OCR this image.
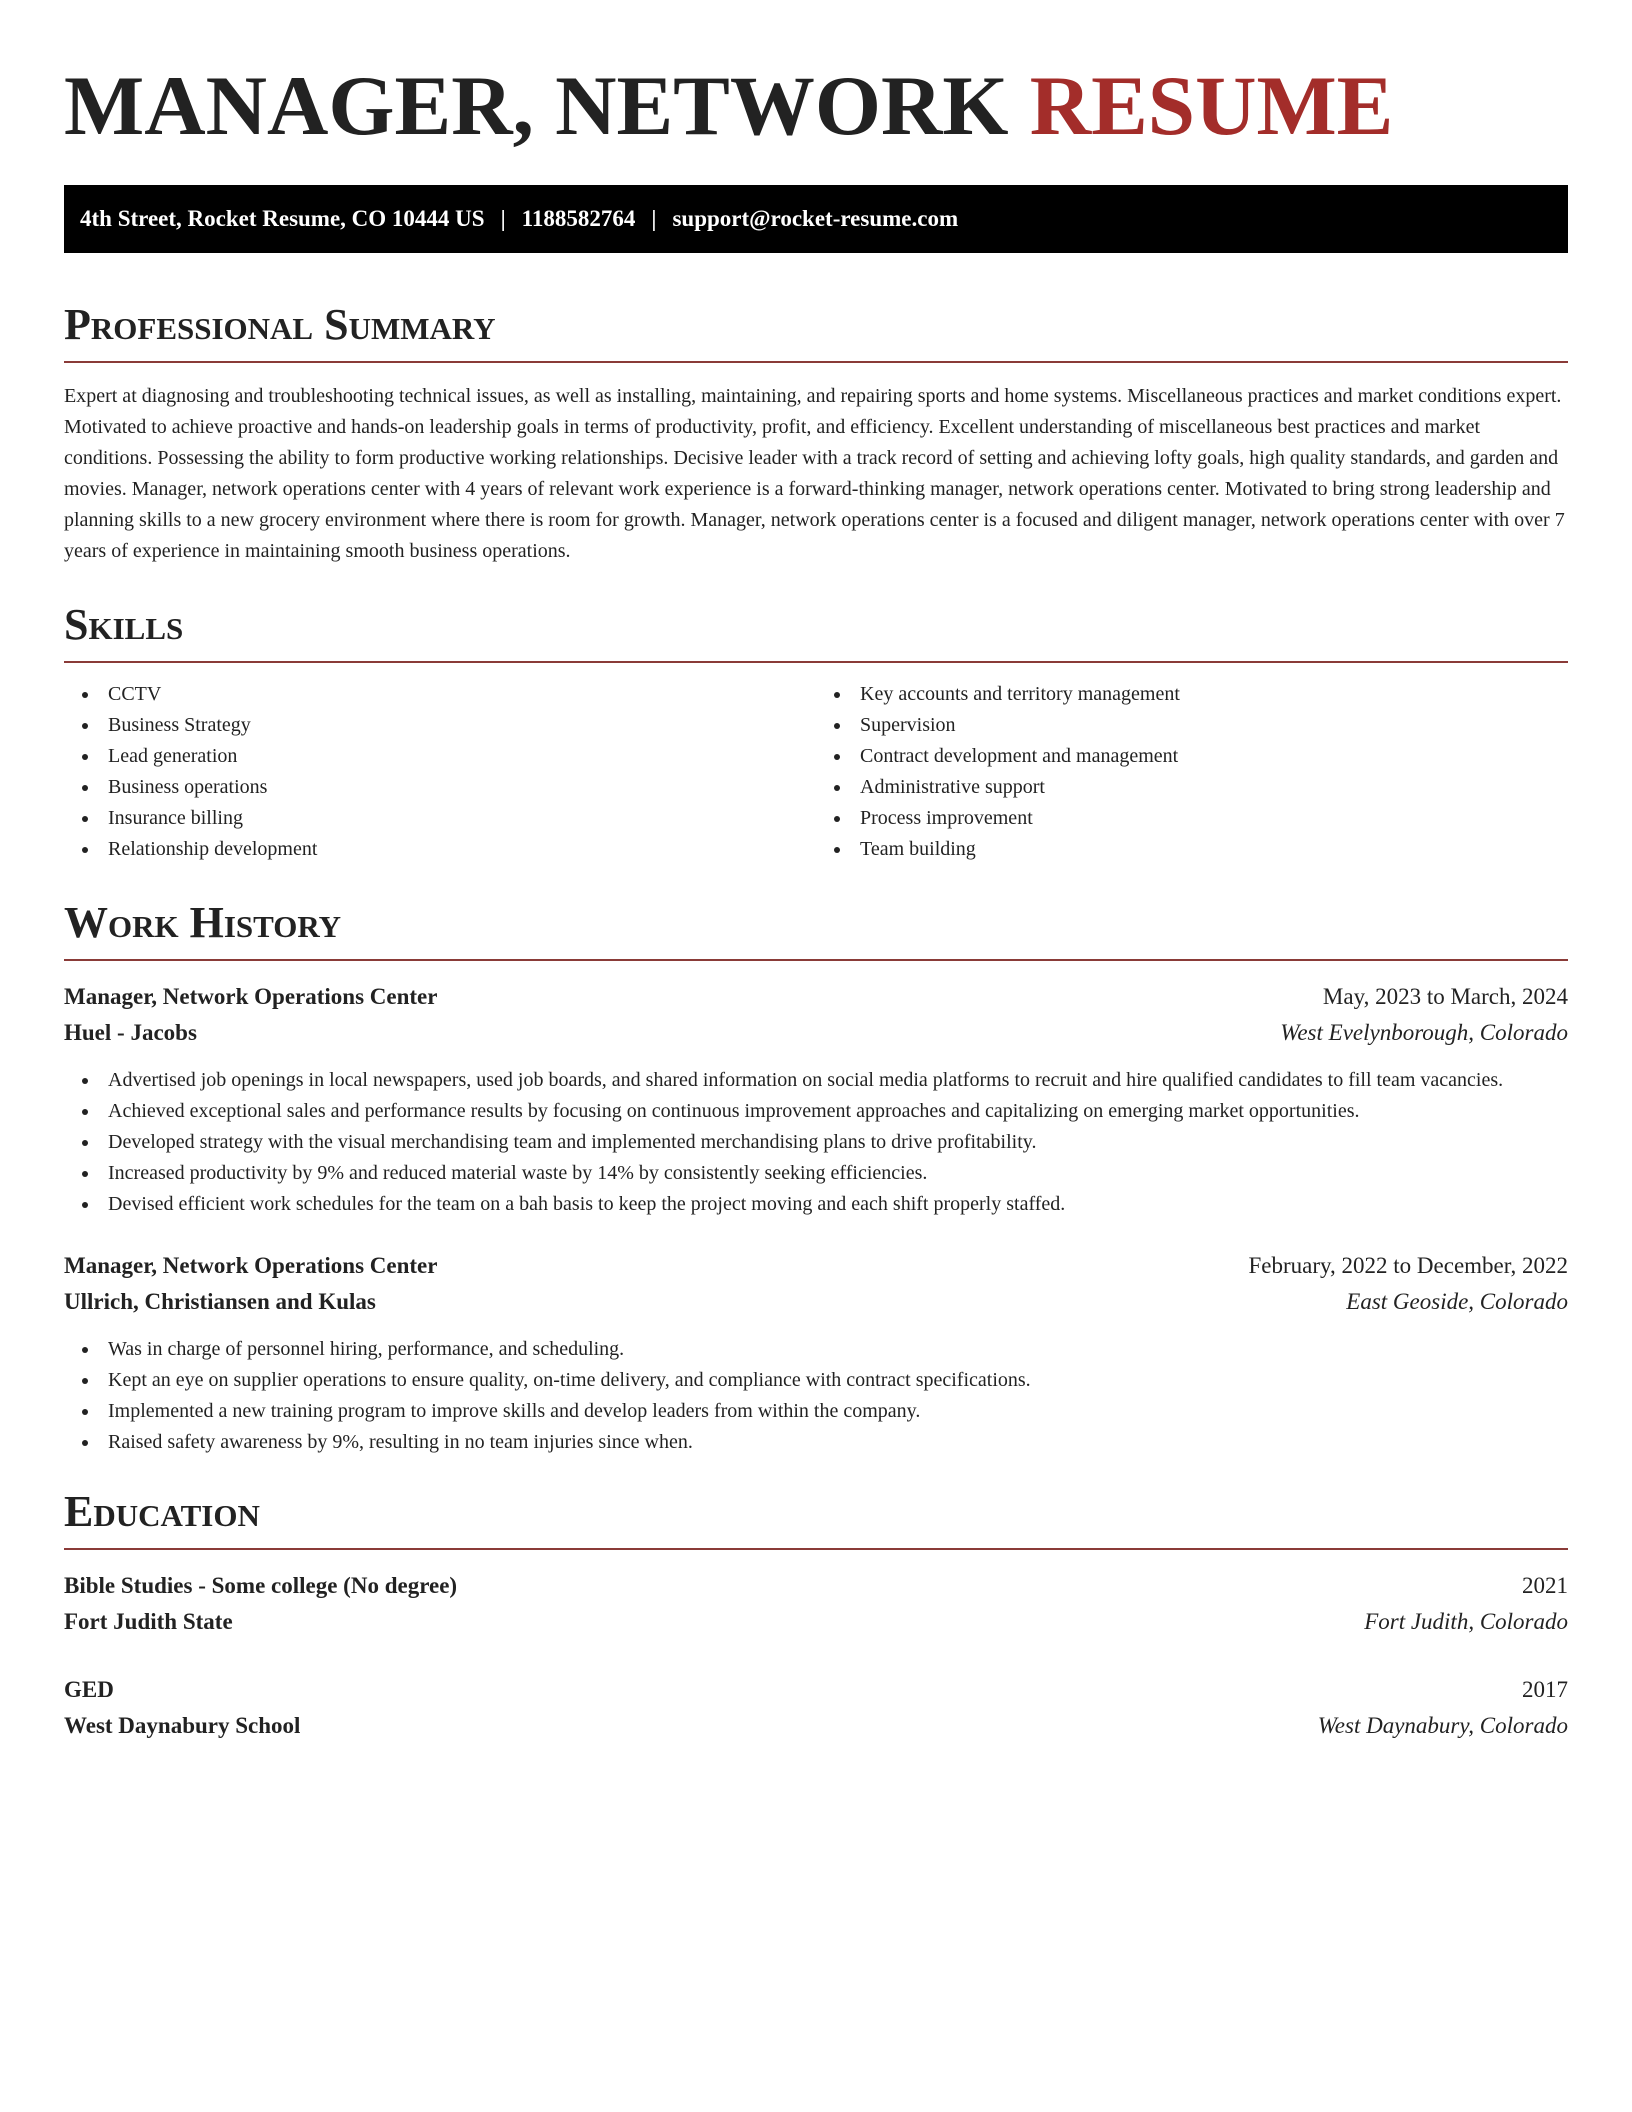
MANAGER, NETWORK RESUME
4th Street, Rocket Resume, CO 10444 US | 1188582764 | support@rocket-resume.com
Professional Summary

Expert at diagnosing and troubleshooting technical issues, as well as installing, maintaining, and repairing sports and home systems. Miscellaneous practices and market conditions expert. Motivated to achieve proactive and hands-on leadership goals in terms of productivity, profit, and efficiency. Excellent understanding of miscellaneous best practices and market conditions. Possessing the ability to form productive working relationships. Decisive leader with a track record of setting and achieving lofty goals, high quality standards, and garden and movies. Manager, network operations center with 4 years of relevant work experience is a forward-thinking manager, network operations center. Motivated to bring strong leadership and planning skills to a new grocery environment where there is room for growth. Manager, network operations center is a focused and diligent manager, network operations center with over 7 years of experience in maintaining smooth business operations.

Skills
CCTV
Business Strategy
Lead generation
Business operations
Insurance billing
Relationship development
Key accounts and territory management
Supervision
Contract development and management
Administrative support
Process improvement
Team building
Work History
Manager, Network Operations Center	May, 2023 to March, 2024
Huel - Jacobs	West Evelynborough, Colorado
Advertised job openings in local newspapers, used job boards, and shared information on social media platforms to recruit and hire qualified candidates to fill team vacancies.
Achieved exceptional sales and performance results by focusing on continuous improvement approaches and capitalizing on emerging market opportunities.
Developed strategy with the visual merchandising team and implemented merchandising plans to drive profitability.
Increased productivity by 9% and reduced material waste by 14% by consistently seeking efficiencies.
Devised efficient work schedules for the team on a bah basis to keep the project moving and each shift properly staffed.
Manager, Network Operations Center	February, 2022 to December, 2022
Ullrich, Christiansen and Kulas	East Geoside, Colorado
Was in charge of personnel hiring, performance, and scheduling.
Kept an eye on supplier operations to ensure quality, on-time delivery, and compliance with contract specifications.
Implemented a new training program to improve skills and develop leaders from within the company.
Raised safety awareness by 9%, resulting in no team injuries since when.
Education
Bible Studies - Some college (No degree)	2021
Fort Judith State	Fort Judith, Colorado
GED	2017
West Daynabury School	West Daynabury, Colorado
